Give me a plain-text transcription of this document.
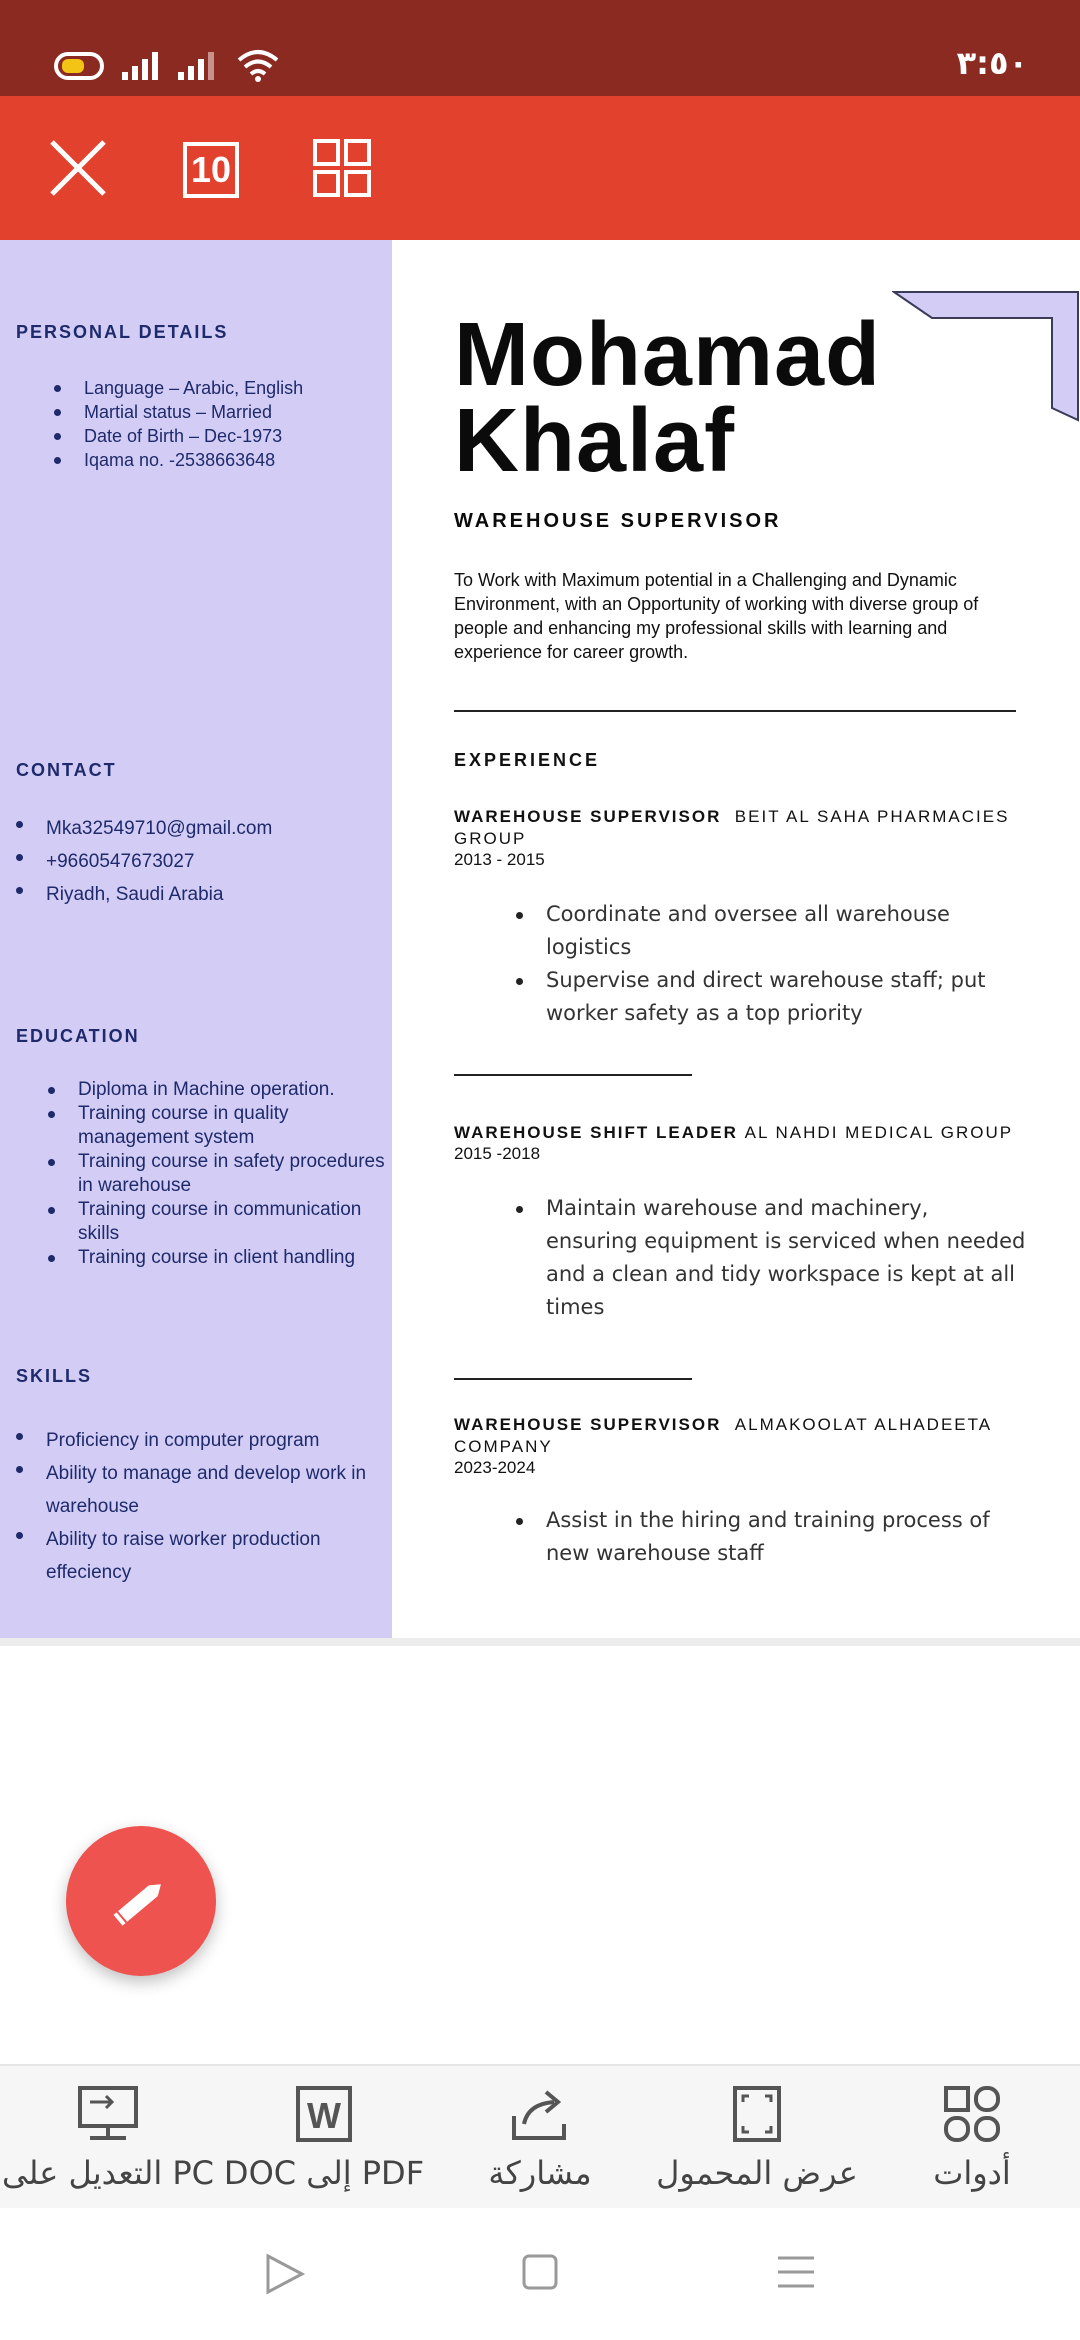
٣:٥٠
10
PERSONAL DETAILS
Language – Arabic, English
Martial status – Married
Date of Birth – Dec-1973
Iqama no. -2538663648
CONTACT
Mka32549710@gmail.com
+9660547673027
Riyadh, Saudi Arabia
EDUCATION
Diploma in Machine operation.
Training course in quality management system
Training course in safety procedures in warehouse
Training course in communication skills
Training course in client handling
SKILLS
Proficiency in computer program
Ability to manage and develop work in warehouse
Ability to raise worker production effeciency
Mohamad
Khalaf
WAREHOUSE SUPERVISOR
To Work with Maximum potential in a Challenging and Dynamic Environment, with an Opportunity of working with diverse group of people and enhancing my professional skills with learning and experience for career growth.
EXPERIENCE
WAREHOUSE SUPERVISOR BEIT AL SAHA PHARMACIES GROUP
2013 - 2015
Coordinate and oversee all warehouse logistics
Supervise and direct warehouse staff; put worker safety as a top priority
WAREHOUSE SHIFT LEADER AL NAHDI MEDICAL GROUP
2015 -2018
Maintain warehouse and machinery, ensuring equipment is serviced when needed and a clean and tidy workspace is kept at all times
WAREHOUSE SUPERVISOR ALMAKOOLAT ALHADEETA COMPANY
2023-2024
Assist in the hiring and training process of new warehouse staff
التعديل على PC
W
DOC إلى PDF مشاركة عرض المحمول أدوات
